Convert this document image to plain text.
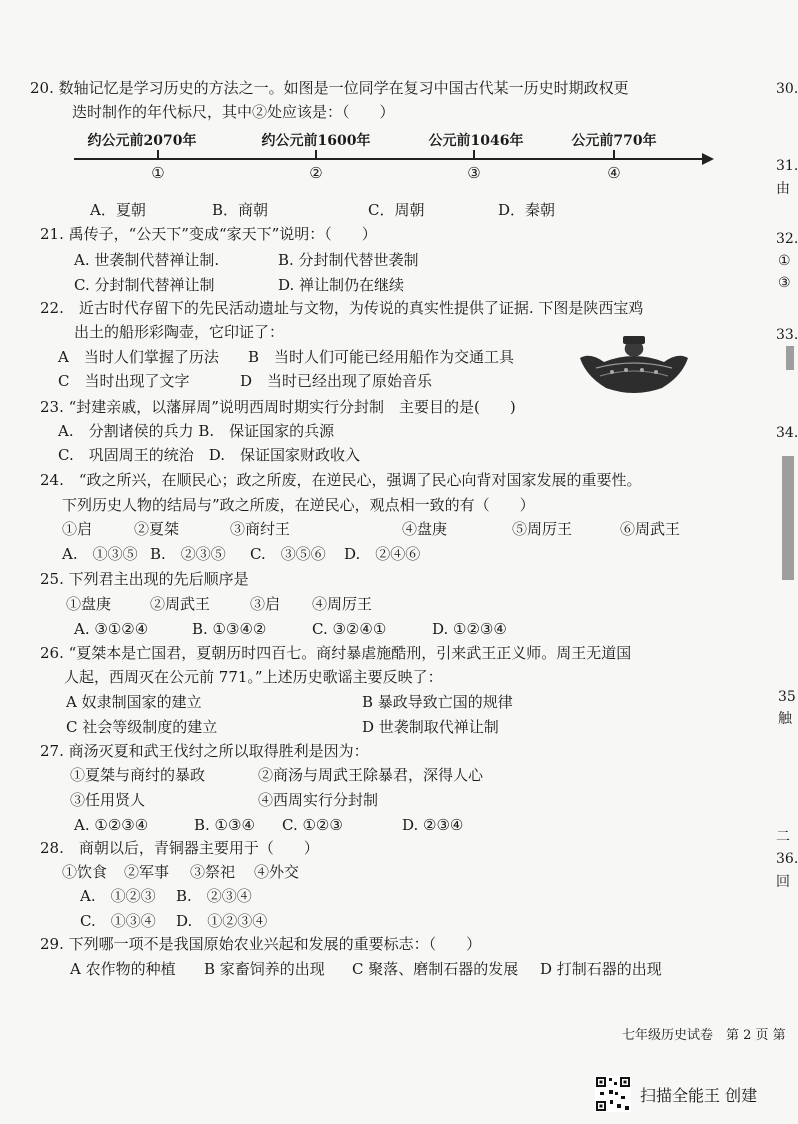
20. 数轴记忆是学习历史的方法之一。如图是一位同学在复习中国古代某一历史时期政权更
迭时制作的年代标尺，其中②处应该是：（　　）
约公元前2070年	约公元前1600年	公元前1046年	公元前770年
①	②	③	④
A．夏朝	B．商朝	C．周朝	D．秦朝
21. 禹传子，“公天下”变成“家天下”说明：（　　）
A. 世袭制代替禅让制.	B. 分封制代替世袭制
C. 分封制代替禅让制	D. 禅让制仍在继续
22.　近古时代存留下的先民活动遗址与文物，为传说的真实性提供了证据. 下图是陕西宝鸡
出土的船形彩陶壶，它印证了：
A　当时人们掌握了历法 B　当时人们可能已经用船作为交通工具
C　当时出现了文字	D　当时已经出现了原始音乐
23. “封建亲戚，以藩屏周”说明西周时期实行分封制　主要目的是(　　)
A.　分割诸侯的兵力 B.　保证国家的兵源
C.　巩固周王的统治　D.　保证国家财政收入
24.　“政之所兴，在顺民心；政之所废，在逆民心，强调了民心向背对国家发展的重要性。
下列历史人物的结局与”政之所废，在逆民心，观点相一致的有（　　）
①启	②夏桀	③商纣王	④盘庚	⑤周厉王	⑥周武王
A.　①③⑤ B.　②③⑤ C.　③⑤⑥ D.　②④⑥
25. 下列君主出现的先后顺序是
①盘庚	②周武王	③启 ④周厉王
A. ③①②④	B. ①③④②	C. ③②④①	D. ①②③④
26. “夏桀本是亡国君，夏朝历时四百七。商纣暴虐施酷刑，引来武王正义师。周王无道国
人起，西周灭在公元前 771。”上述历史歌谣主要反映了：
A 奴隶制国家的建立	B 暴政导致亡国的规律
C 社会等级制度的建立	D 世袭制取代禅让制
27. 商汤灭夏和武王伐纣之所以取得胜利是因为：
①夏桀与商纣的暴政	②商汤与周武王除暴君，深得人心
③任用贤人	④西周实行分封制
A. ①②③④	B. ①③④ C. ①②③	D. ②③④
28.　商朝以后，青铜器主要用于（　　）
①饮食 ②军事 ③祭祀 ④外交
A.　①②③ B.　②③④
C.　①③④ D.　①②③④
29. 下列哪一项不是我国原始农业兴起和发展的重要标志：（　　）
A 农作物的种植 B 家畜饲养的出现 C 聚落、磨制石器的发展 D 打制石器的出现
30.
31.
由
32.
①
③
33.
34.
35
触
二
36.
回
七年级历史试卷　第 2 页 第
扫描全能王 创建
